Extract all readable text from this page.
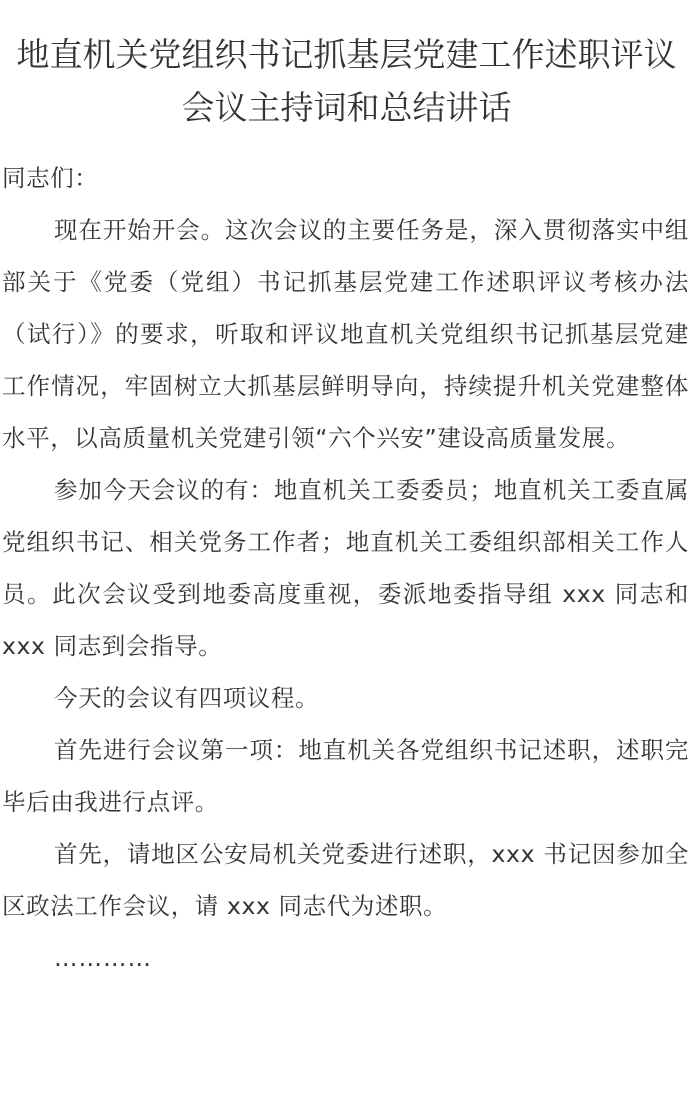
地直机关党组织书记抓基层党建工作述职评议会议主持词和总结讲话

同志们：

现在开始开会。这次会议的主要任务是，深入贯彻落实中组部关于《党委（党组）书记抓基层党建工作述职评议考核办法（试行）》的要求，听取和评议地直机关党组织书记抓基层党建工作情况，牢固树立大抓基层鲜明导向，持续提升机关党建整体水平，以高质量机关党建引领“六个兴安”建设高质量发展。

参加今天会议的有：地直机关工委委员；地直机关工委直属党组织书记、相关党务工作者；地直机关工委组织部相关工作人员。此次会议受到地委高度重视，委派地委指导组 xxx 同志和 xxx 同志到会指导。

今天的会议有四项议程。

首先进行会议第一项：地直机关各党组织书记述职，述职完毕后由我进行点评。

首先，请地区公安局机关党委进行述职，xxx 书记因参加全区政法工作会议，请 xxx 同志代为述职。

…………
